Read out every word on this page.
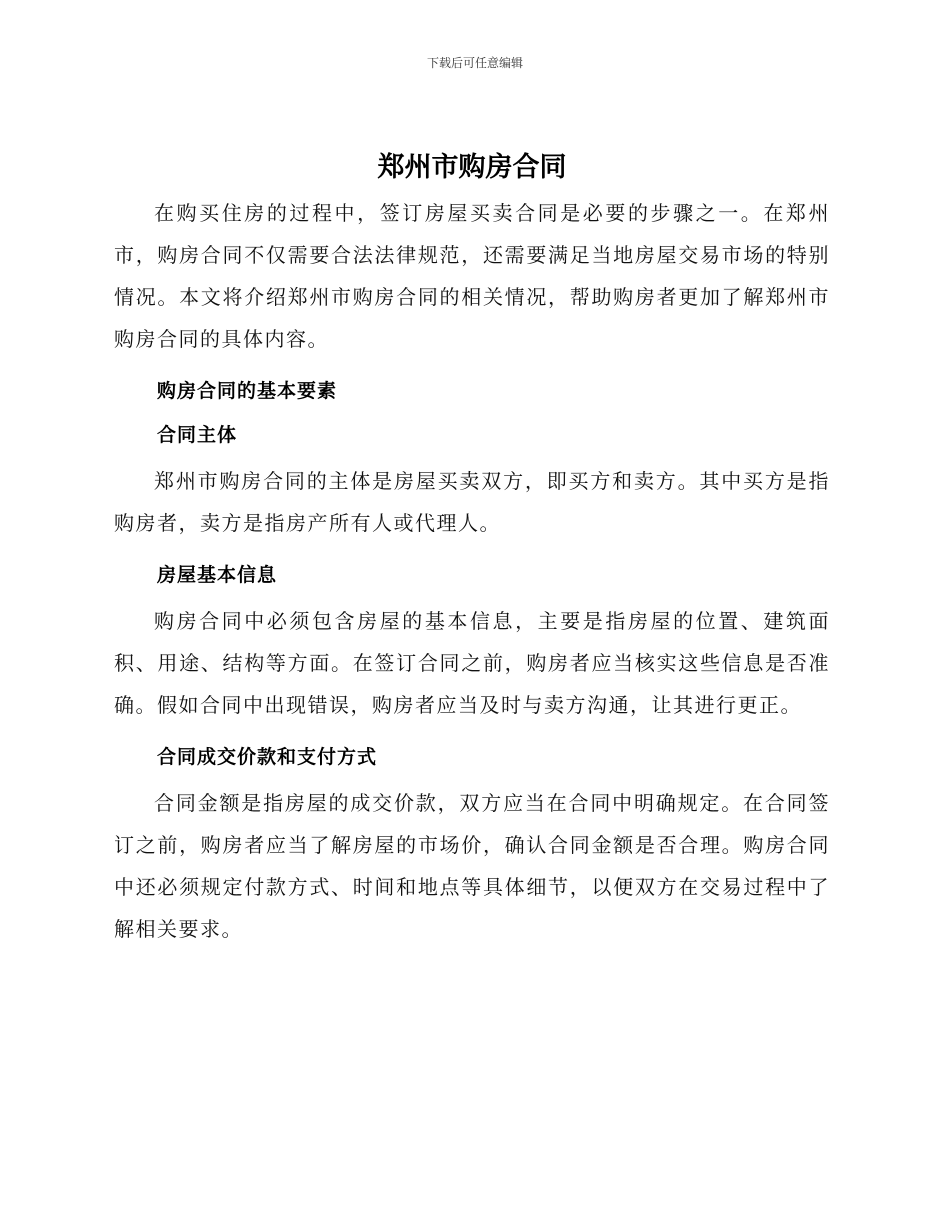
下载后可任意编辑
郑州市购房合同

在购买住房的过程中，签订房屋买卖合同是必要的步骤之一。在郑州市，购房合同不仅需要合法法律规范，还需要满足当地房屋交易市场的特别情况。本文将介绍郑州市购房合同的相关情况，帮助购房者更加了解郑州市购房合同的具体内容。

购房合同的基本要素
合同主体

郑州市购房合同的主体是房屋买卖双方，即买方和卖方。其中买方是指购房者，卖方是指房产所有人或代理人。

房屋基本信息

购房合同中必须包含房屋的基本信息，主要是指房屋的位置、建筑面积、用途、结构等方面。在签订合同之前，购房者应当核实这些信息是否准确。假如合同中出现错误，购房者应当及时与卖方沟通，让其进行更正。

合同成交价款和支付方式

合同金额是指房屋的成交价款，双方应当在合同中明确规定。在合同签订之前，购房者应当了解房屋的市场价，确认合同金额是否合理。购房合同中还必须规定付款方式、时间和地点等具体细节，以便双方在交易过程中了解相关要求。
